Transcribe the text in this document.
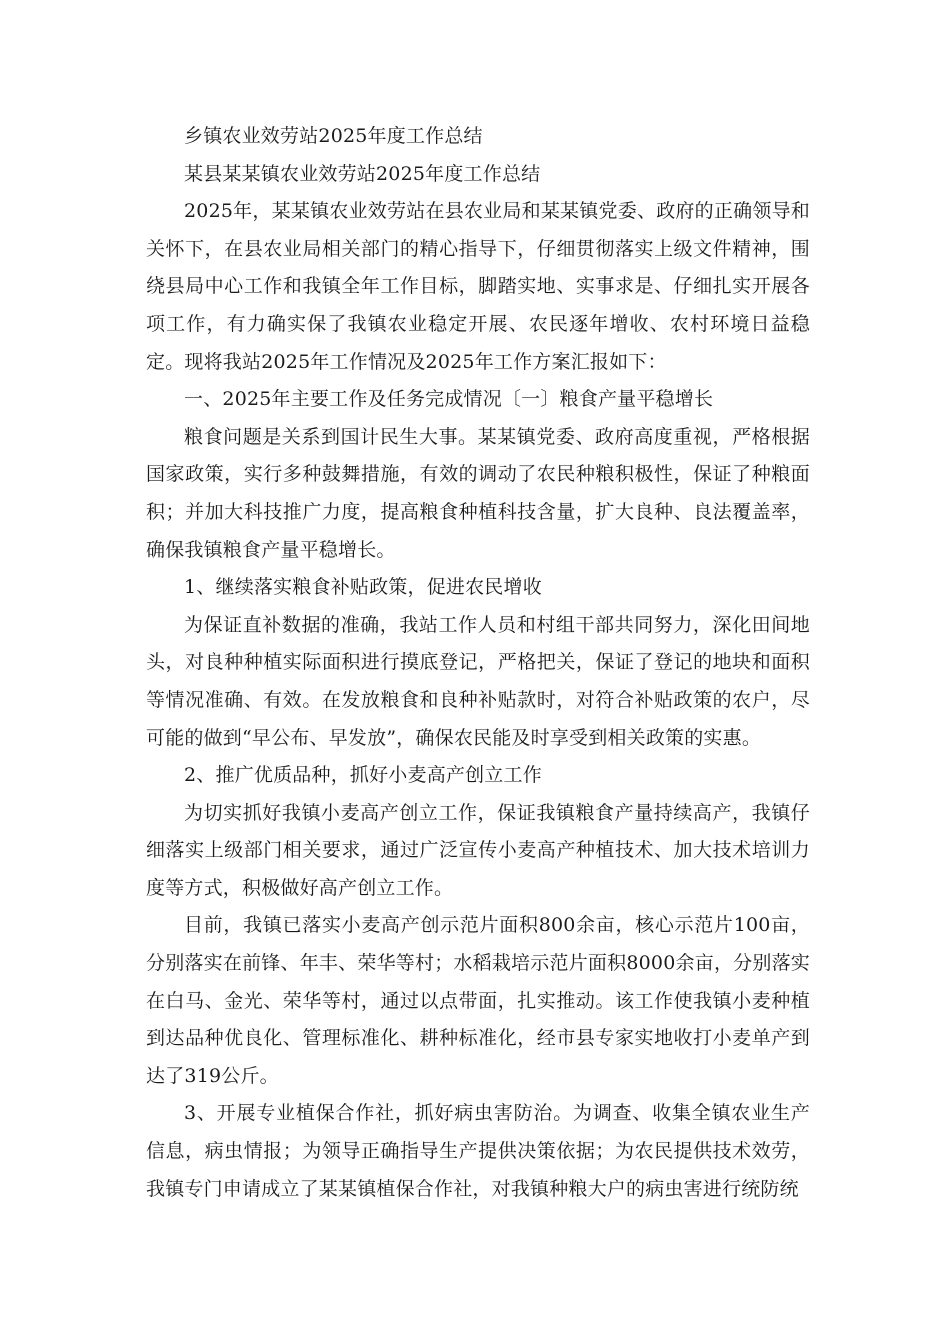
乡镇农业效劳站2025年度工作总结

某县某某镇农业效劳站2025年度工作总结

2025年，某某镇农业效劳站在县农业局和某某镇党委、政府的正确领导和关怀下，在县农业局相关部门的精心指导下，仔细贯彻落实上级文件精神，围绕县局中心工作和我镇全年工作目标，脚踏实地、实事求是、仔细扎实开展各项工作，有力确实保了我镇农业稳定开展、农民逐年增收、农村环境日益稳定。现将我站2025年工作情况及2025年工作方案汇报如下：

一、2025年主要工作及任务完成情况〔一〕粮食产量平稳增长

粮食问题是关系到国计民生大事。某某镇党委、政府高度重视，严格根据国家政策，实行多种鼓舞措施，有效的调动了农民种粮积极性，保证了种粮面积；并加大科技推广力度，提高粮食种植科技含量，扩大良种、良法覆盖率，确保我镇粮食产量平稳增长。

1、继续落实粮食补贴政策，促进农民增收

为保证直补数据的准确，我站工作人员和村组干部共同努力，深化田间地头，对良种种植实际面积进行摸底登记，严格把关，保证了登记的地块和面积等情况准确、有效。在发放粮食和良种补贴款时，对符合补贴政策的农户，尽可能的做到“早公布、早发放”，确保农民能及时享受到相关政策的实惠。

2、推广优质品种，抓好小麦高产创立工作

为切实抓好我镇小麦高产创立工作，保证我镇粮食产量持续高产，我镇仔细落实上级部门相关要求，通过广泛宣传小麦高产种植技术、加大技术培训力度等方式，积极做好高产创立工作。

目前，我镇已落实小麦高产创示范片面积800余亩，核心示范片100亩，分别落实在前锋、年丰、荣华等村；水稻栽培示范片面积8000余亩，分别落实在白马、金光、荣华等村，通过以点带面，扎实推动。该工作使我镇小麦种植到达品种优良化、管理标准化、耕种标准化，经市县专家实地收打小麦单产到达了319公斤。

3、开展专业植保合作社，抓好病虫害防治。为调查、收集全镇农业生产信息，病虫情报；为领导正确指导生产提供决策依据；为农民提供技术效劳，我镇专门申请成立了某某镇植保合作社，对我镇种粮大户的病虫害进行统防统
